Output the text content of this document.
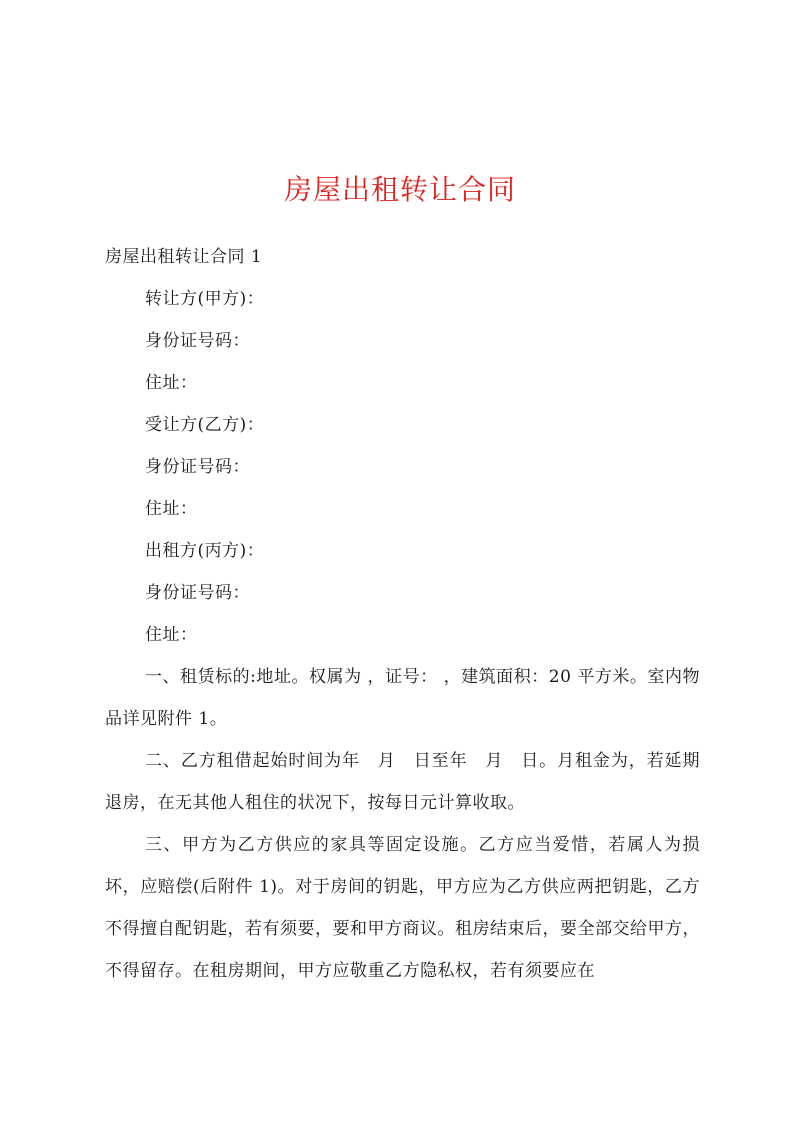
房屋出租转让合同

房屋出租转让合同 1

转让方(甲方)：

身份证号码：

住址：

受让方(乙方)：

身份证号码：

住址：

出租方(丙方)：

身份证号码：

住址：

一、租赁标的:地址。权属为 ，证号： ，建筑面积：20 平方米。室内物品详见附件 1。

二、乙方租借起始时间为年　月　日至年　月　日。月租金为，若延期退房，在无其他人租住的状况下，按每日元计算收取。

三、甲方为乙方供应的家具等固定设施。乙方应当爱惜，若属人为损坏，应赔偿(后附件 1)。对于房间的钥匙，甲方应为乙方供应两把钥匙，乙方不得擅自配钥匙，若有须要，要和甲方商议。租房结束后，要全部交给甲方，不得留存。在租房期间，甲方应敬重乙方隐私权，若有须要应在
